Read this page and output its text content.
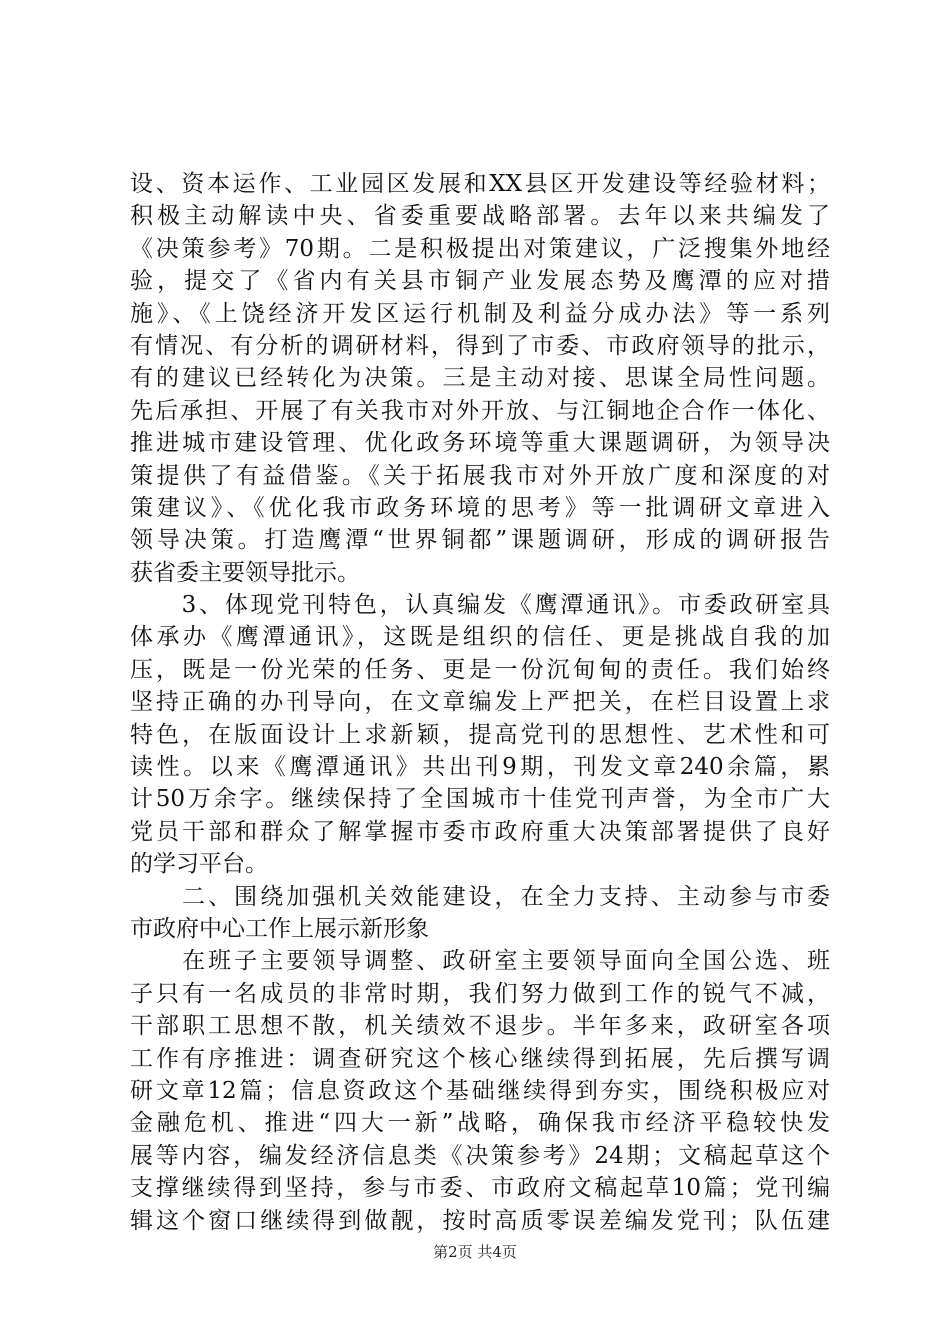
设、资本运作、工业园区发展和XX县区开发建设等经验材料；
积极主动解读中央、省委重要战略部署。去年以来共编发了
《决策参考》70期。二是积极提出对策建议，广泛搜集外地经
验，提交了《省内有关县市铜产业发展态势及鹰潭的应对措
施》、《上饶经济开发区运行机制及利益分成办法》等一系列
有情况、有分析的调研材料，得到了市委、市政府领导的批示，
有的建议已经转化为决策。三是主动对接、思谋全局性问题。
先后承担、开展了有关我市对外开放、与江铜地企合作一体化、
推进城市建设管理、优化政务环境等重大课题调研，为领导决
策提供了有益借鉴。《关于拓展我市对外开放广度和深度的对
策建议》、《优化我市政务环境的思考》等一批调研文章进入
领导决策。打造鹰潭“世界铜都”课题调研，形成的调研报告
获省委主要领导批示。
　　3、体现党刊特色，认真编发《鹰潭通讯》。市委政研室具
体承办《鹰潭通讯》，这既是组织的信任、更是挑战自我的加
压，既是一份光荣的任务、更是一份沉甸甸的责任。我们始终
坚持正确的办刊导向，在文章编发上严把关，在栏目设置上求
特色，在版面设计上求新颖，提高党刊的思想性、艺术性和可
读性。以来《鹰潭通讯》共出刊9期，刊发文章240余篇，累
计50万余字。继续保持了全国城市十佳党刊声誉，为全市广大
党员干部和群众了解掌握市委市政府重大决策部署提供了良好
的学习平台。
　　二、围绕加强机关效能建设，在全力支持、主动参与市委
市政府中心工作上展示新形象
　　在班子主要领导调整、政研室主要领导面向全国公选、班
子只有一名成员的非常时期，我们努力做到工作的锐气不减，
干部职工思想不散，机关绩效不退步。半年多来，政研室各项
工作有序推进：调查研究这个核心继续得到拓展，先后撰写调
研文章12篇；信息资政这个基础继续得到夯实，围绕积极应对
金融危机、推进“四大一新”战略，确保我市经济平稳较快发
展等内容，编发经济信息类《决策参考》24期；文稿起草这个
支撑继续得到坚持，参与市委、市政府文稿起草10篇；党刊编
辑这个窗口继续得到做靓，按时高质零误差编发党刊；队伍建
第2页 共4页
